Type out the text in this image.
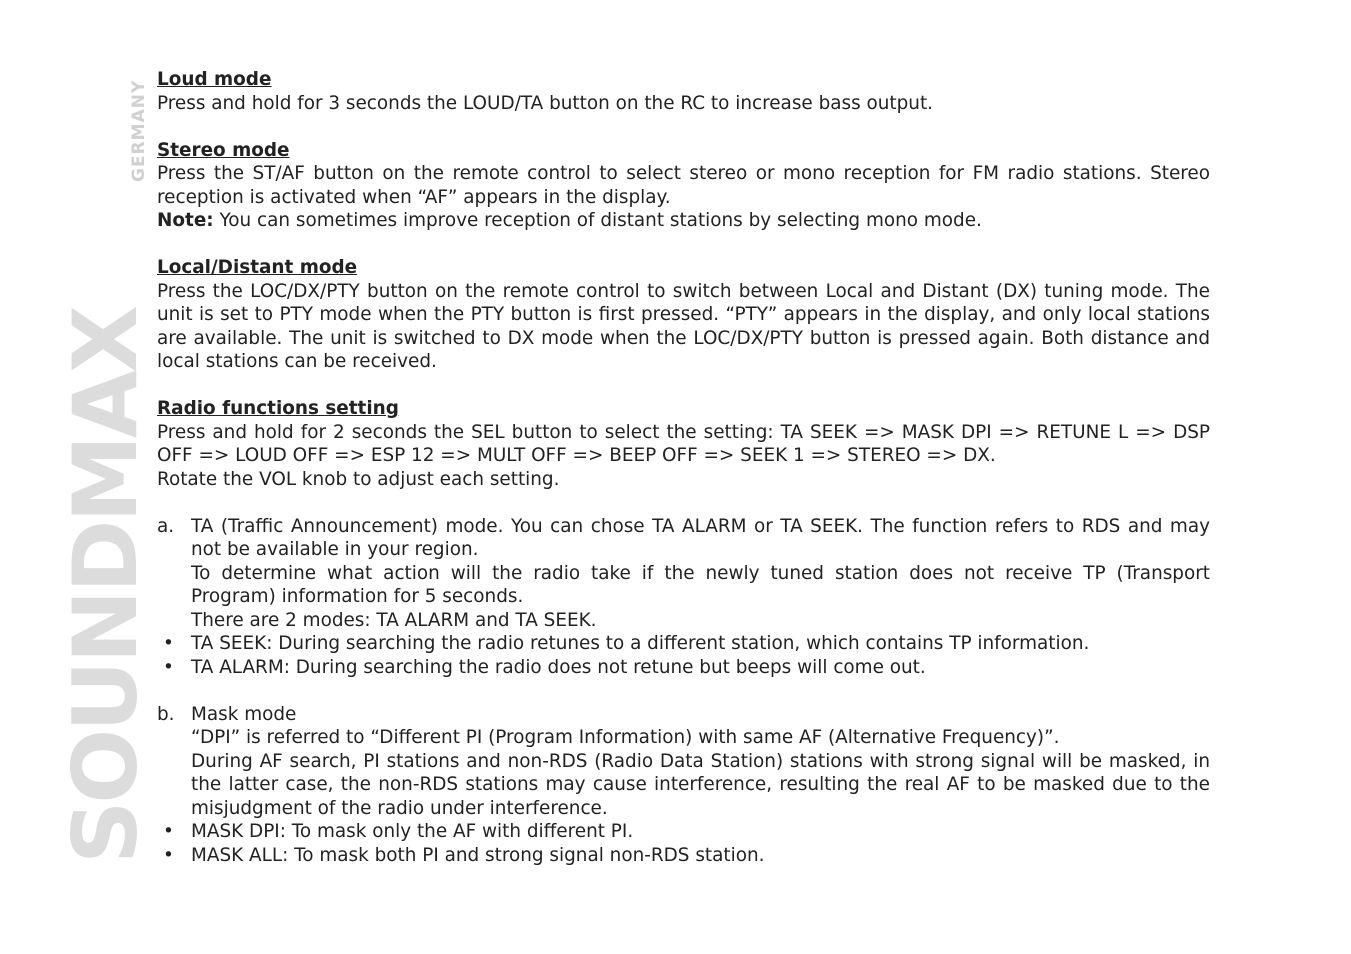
SOUNDMAX
GERMANY
Loud mode

Press and hold for 3 seconds the LOUD/TA button on the RC to increase bass output.

Stereo mode

Press the ST/AF button on the remote control to select stereo or mono reception for FM radio stations. Stereo reception is activated when “AF” appears in the display.

Note: You can sometimes improve reception of distant stations by selecting mono mode.

Local/Distant mode

Press the LOC/DX/PTY button on the remote control to switch between Local and Distant (DX) tuning mode. The unit is set to PTY mode when the PTY button is first pressed. “PTY” appears in the display, and only local stations are available. The unit is switched to DX mode when the LOC/DX/PTY button is pressed again. Both distance and local stations can be received.

Radio functions setting

Press and hold for 2 seconds the SEL button to select the setting: TA SEEK => MASK DPI => RETUNE L => DSP OFF => LOUD OFF => ESP 12 => MULT OFF => BEEP OFF => SEEK 1 => STEREO => DX.

Rotate the VOL knob to adjust each setting.

a. TA (Traffic Announcement) mode. You can chose TA ALARM or TA SEEK. The function refers to RDS and may not be available in your region.

To determine what action will the radio take if the newly tuned station does not receive TP (Transport Program) information for 5 seconds.

There are 2 modes: TA ALARM and TA SEEK.

• TA SEEK: During searching the radio retunes to a different station, which contains TP information.
• TA ALARM: During searching the radio does not retune but beeps will come out.
b. Mask mode

“DPI” is referred to “Different PI (Program Information) with same AF (Alternative Frequency)”.

During AF search, PI stations and non-RDS (Radio Data Station) stations with strong signal will be masked, in the latter case, the non-RDS stations may cause interference, resulting the real AF to be masked due to the misjudgment of the radio under interference.

• MASK DPI: To mask only the AF with different PI.
• MASK ALL: To mask both PI and strong signal non-RDS station.
